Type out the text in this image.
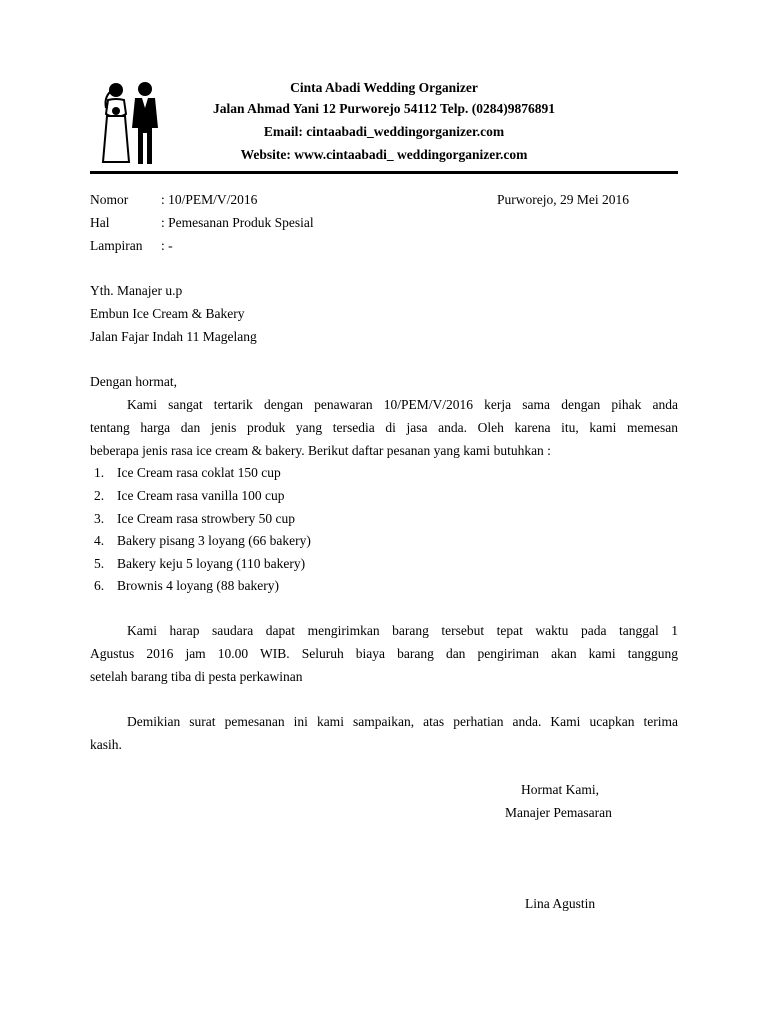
Cinta Abadi Wedding Organizer
Jalan Ahmad Yani 12 Purworejo 54112 Telp. (0284)9876891
Email: cintaabadi_weddingorganizer.com
Website: www.cintaabadi_ weddingorganizer.com
Nomor : 10/PEM/V/2016	Purworejo, 29 Mei 2016
Hal	: Pemesanan Produk Spesial
Lampiran : -
Yth. Manajer u.p
Embun Ice Cream & Bakery
Jalan Fajar Indah 11 Magelang
Dengan hormat,
Kami sangat tertarik dengan penawaran 10/PEM/V/2016 kerja sama dengan pihak anda
tentang harga dan jenis produk yang tersedia di jasa anda. Oleh karena itu, kami memesan
beberapa jenis rasa ice cream & bakery. Berikut daftar pesanan yang kami butuhkan :
1. Ice Cream rasa coklat 150 cup
2. Ice Cream rasa vanilla 100 cup
3. Ice Cream rasa strowbery 50 cup
4. Bakery pisang 3 loyang (66 bakery)
5. Bakery keju 5 loyang (110 bakery)
6. Brownis 4 loyang (88 bakery)
Kami harap saudara dapat mengirimkan barang tersebut tepat waktu pada tanggal 1
Agustus 2016 jam 10.00 WIB. Seluruh biaya barang dan pengiriman akan kami tanggung
setelah barang tiba di pesta perkawinan
Demikian surat pemesanan ini kami sampaikan, atas perhatian anda. Kami ucapkan terima
kasih.
Hormat Kami,
Manajer Pemasaran
Lina Agustin
